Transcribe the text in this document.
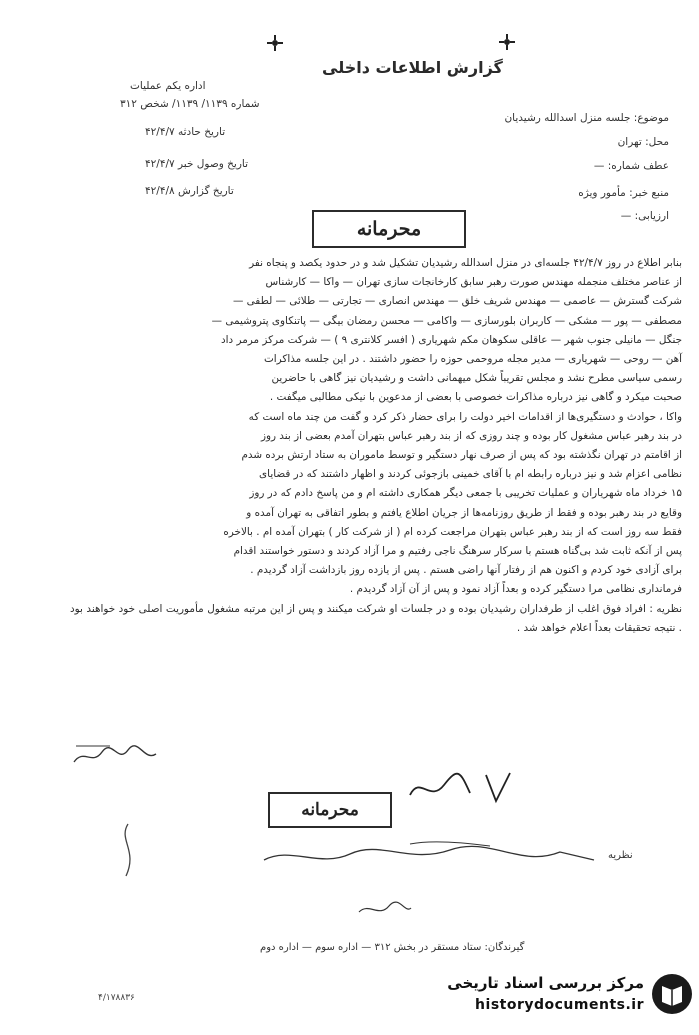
گزارش اطلاعات داخلی
اداره یکم عملیات
شماره ۱۱۳۹/ ۱۱۳۹/ شخص ۳۱۲
تاریخ حادثه ۴۲/۴/۷
تاریخ وصول خبر ۴۲/۴/۷
تاریخ گزارش ۴۲/۴/۸
موضوع: جلسه منزل اسدالله رشیدیان
محل: تهران
عطف شماره: —
منبع خبر: مأمور ویژه
ارزیابی: —
محرمانه

بنابر اطلاع در روز ۴۲/۴/۷ جلسه‌ای در منزل اسدالله رشیدیان تشکیل شد و در حدود یکصد و پنجاه نفر

از عناصر مختلف منجمله مهندس صورت رهبر سابق کارخانجات سازی تهران — واکا — کارشناس

شرکت گسترش — عاصمی — مهندس شریف خلق — مهندس انصاری — تجارتی — طلائی — لطفی —

مصطفی — پور — مشکی — کاربران بلورسازی — واکامی — محسن رمضان بیگی — پاتنکاوی پتروشیمی —

جنگل — مانیلی جنوب شهر — عاقلی سکوهان مکم شهریاری ( افسر کلانتری ۹ ) — شرکت مرکز مرمر داد

آهن — روحی — شهریاری — مدیر مجله مروحمی حوزه را حضور داشتند . در این جلسه مذاکرات

رسمی سیاسی مطرح نشد و مجلس تقریباً شکل میهمانی داشت و رشیدیان نیز گاهی با حاضرین

صحبت میکرد و گاهی نیز درباره مذاکرات خصوصی با بعضی از مدعوین با نیکی مطالبی میگفت .

واکا ، حوادث و دستگیری‌ها از اقدامات اخیر دولت را برای حضار ذکر کرد و گفت من چند ماه است که

در بند رهبر عباس مشغول کار بوده و چند روزی که از بند رهبر عباس بتهران آمدم بعضی از بند روز

از اقامتم در تهران نگذشته بود که پس از صرف نهار دستگیر و توسط ماموران به ستاد ارتش برده شدم

نظامی اعزام شد و نیز درباره رابطه ام با آقای خمینی بازجوئی کردند و اظهار داشتند که در قضایای

۱۵ خرداد ماه شهریاران و عملیات تخریبی با جمعی دیگر همکاری داشته ام و من پاسخ دادم که در روز

وقایع در بند رهبر بوده و فقط از طریق روزنامه‌ها از جریان اطلاع یافتم و بطور اتفاقی به تهران آمده و

فقط سه روز است که از بند رهبر عباس بتهران مراجعت کرده ام ( از شرکت کار ) بتهران آمده ام . بالاخره

پس از آنکه ثابت شد بی‌گناه هستم با سرکار سرهنگ ناجی رفتیم و مرا آزاد کردند و دستور خواستند اقدام

برای آزادی خود کردم و اکنون هم از رفتار آنها راضی هستم . پس از یازده روز بازداشت آزاد گردیدم .

فرمانداری نظامی مرا دستگیر کرده و بعداً آزاد نمود و پس از آن آزاد گردیدم .

نظریه : افراد فوق اغلب از طرفداران رشیدیان بوده و در جلسات او شرکت میکنند و پس از این مرتبه مشغول مأموریت اصلی خود خواهند بود . نتیجه تحقیقات بعداً اعلام خواهد شد .

محرمانه
نظریه
گیرندگان: ستاد مستقر در بخش ۳۱۲ — اداره سوم — اداره دوم
۴/۱۷۸۸۳۶
مرکز بررسی اسناد تاریخی
historydocuments.ir
